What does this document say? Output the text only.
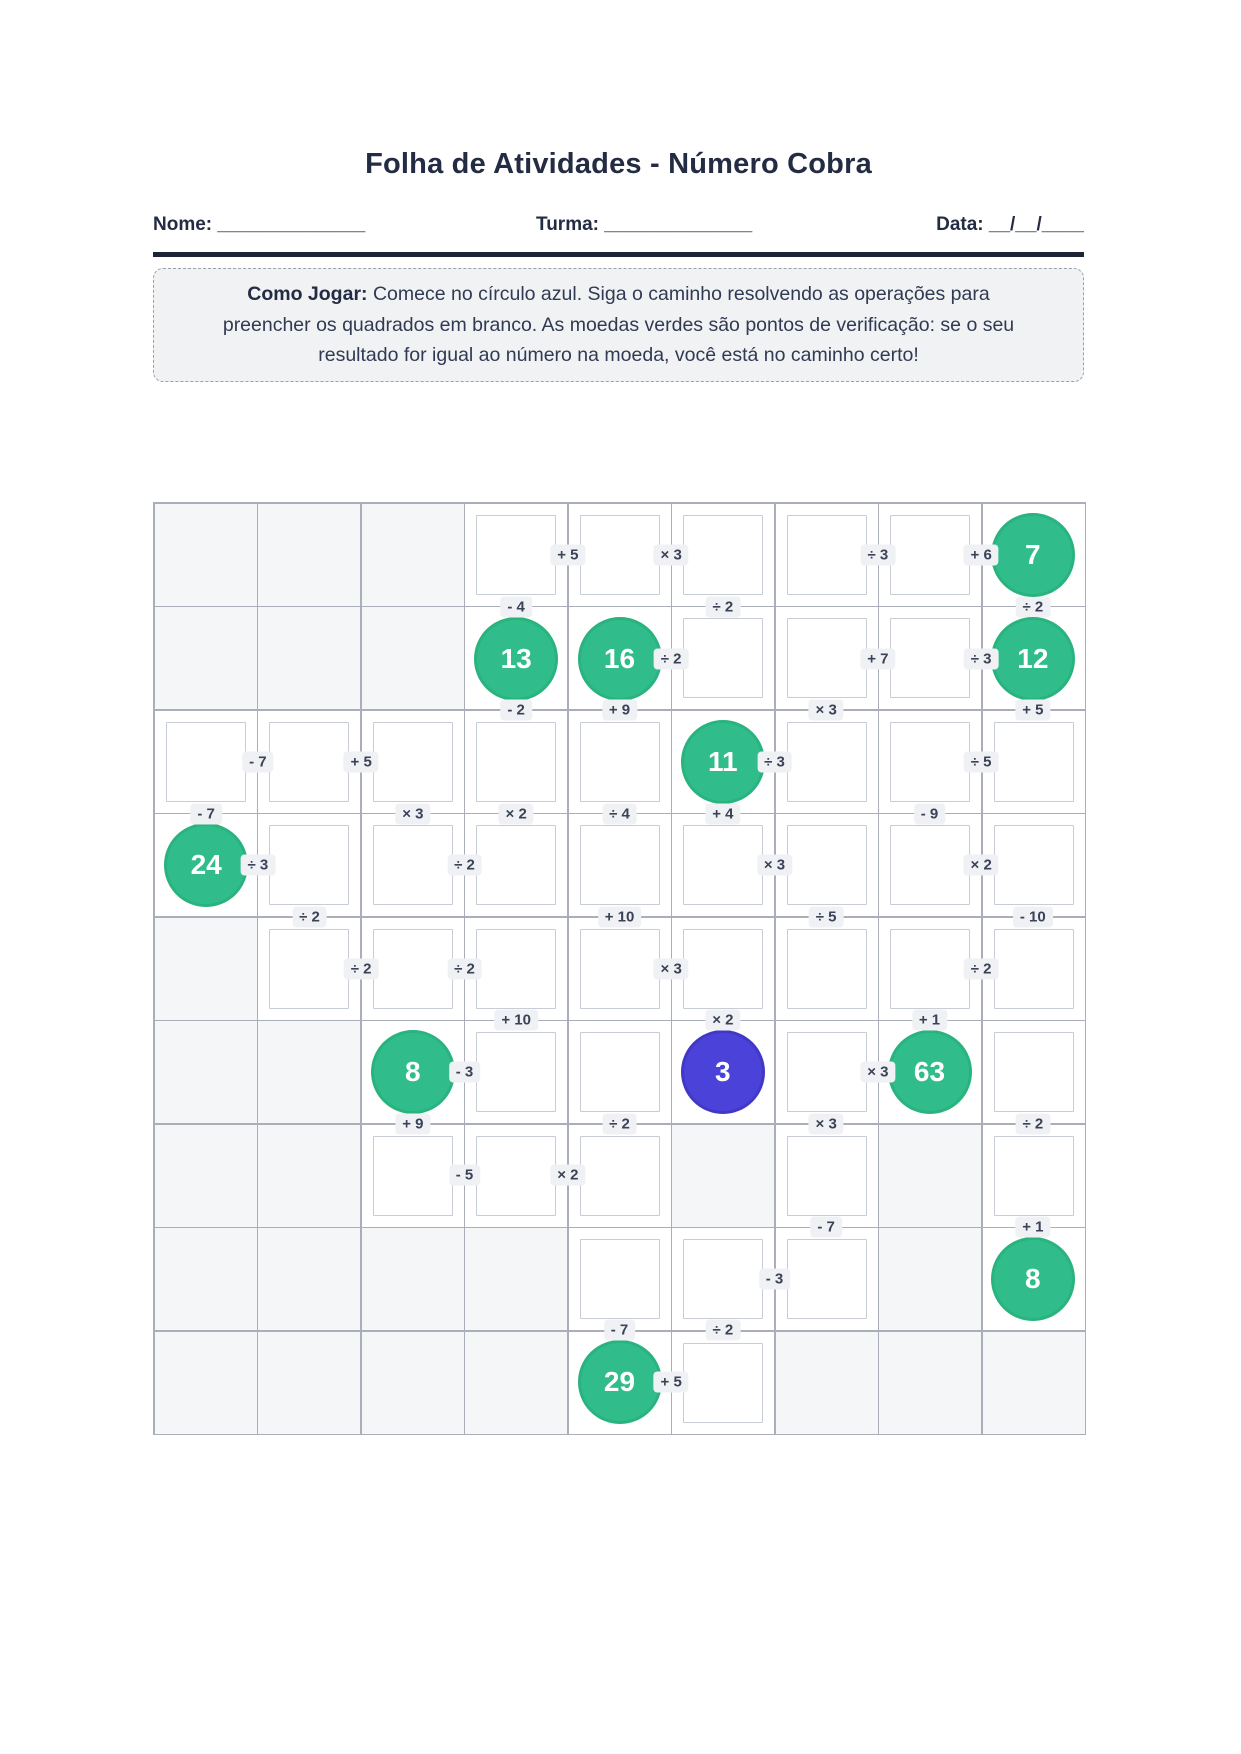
Folha de Atividades - Número Cobra
Nome: ______________	Turma: ______________	Data: __/__/____
Como Jogar: Comece no círculo azul. Siga o caminho resolvendo as operações para preencher os quadrados em branco. As moedas verdes são pontos de verificação: se o seu resultado for igual ao número na moeda, você está no caminho certo!
+ 5	× 3	÷ 3	+ 6
÷ 2	+ 7	÷ 3
- 7	+ 5	÷ 3	÷ 5
÷ 3	÷ 2	× 3	× 2
÷ 2	÷ 2	× 3	÷ 2
- 3	× 3
- 5	× 2
- 3
+ 5
- 4	÷ 2	÷ 2
- 2	+ 9	× 3	+ 5
- 7	× 3	× 2	÷ 4	+ 4	- 9
÷ 2	+ 10	÷ 5	- 10
+ 10	× 2	+ 1
+ 9	÷ 2	× 3	÷ 2
- 7	+ 1
- 7	÷ 2
7
13	16	12
11
24
8	3	63
8
29
